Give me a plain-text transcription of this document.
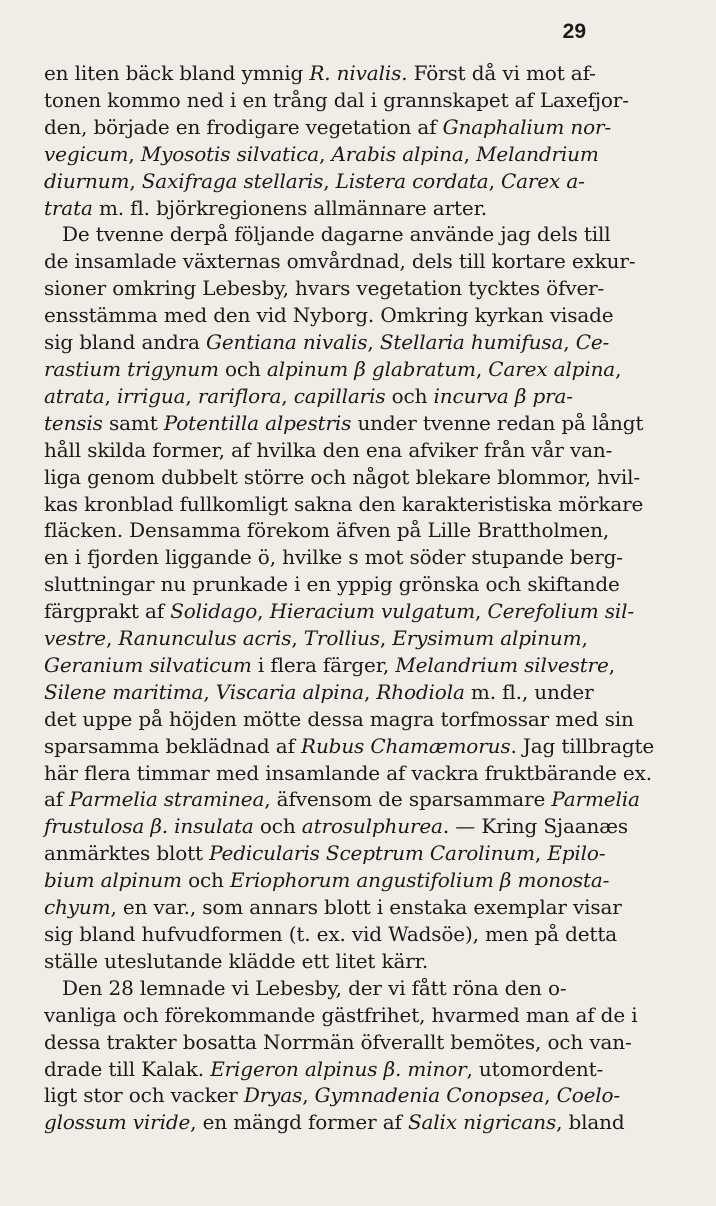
29
en liten bäck bland ymnig R. nivalis. Först då vi mot af-
tonen kommo ned i en trång dal i grannskapet af Laxefjor-
den, började en frodigare vegetation af Gnaphalium nor-
vegicum, Myosotis silvatica, Arabis alpina, Melandrium
diurnum, Saxifraga stellaris, Listera cordata, Carex a-
trata m. fl. björkregionens allmännare arter.
De tvenne derpå följande dagarne använde jag dels till
de insamlade växternas omvårdnad, dels till kortare exkur-
sioner omkring Lebesby, hvars vegetation tycktes öfver-
ensstämma med den vid Nyborg. Omkring kyrkan visade
sig bland andra Gentiana nivalis, Stellaria humifusa, Ce-
rastium trigynum och alpinum β glabratum, Carex alpina,
atrata, irrigua, rariflora, capillaris och incurva β pra-
tensis samt Potentilla alpestris under tvenne redan på långt
håll skilda former, af hvilka den ena afviker från vår van-
liga genom dubbelt större och något blekare blommor, hvil-
kas kronblad fullkomligt sakna den karakteristiska mörkare
fläcken. Densamma förekom äfven på Lille Brattholmen,
en i fjorden liggande ö, hvilke s mot söder stupande berg-
sluttningar nu prunkade i en yppig grönska och skiftande
färgprakt af Solidago, Hieracium vulgatum, Cerefolium sil-
vestre, Ranunculus acris, Trollius, Erysimum alpinum,
Geranium silvaticum i flera färger, Melandrium silvestre,
Silene maritima, Viscaria alpina, Rhodiola m. fl., under
det uppe på höjden mötte dessa magra torfmossar med sin
sparsamma beklädnad af Rubus Chamæmorus. Jag tillbragte
här flera timmar med insamlande af vackra fruktbärande ex.
af Parmelia straminea, äfvensom de sparsammare Parmelia
frustulosa β. insulata och atrosulphurea. — Kring Sjaanæs
anmärktes blott Pedicularis Sceptrum Carolinum, Epilo-
bium alpinum och Eriophorum angustifolium β monosta-
chyum, en var., som annars blott i enstaka exemplar visar
sig bland hufvudformen (t. ex. vid Wadsöe), men på detta
ställe uteslutande klädde ett litet kärr.
Den 28 lemnade vi Lebesby, der vi fått röna den o-
vanliga och förekommande gästfrihet, hvarmed man af de i
dessa trakter bosatta Norrmän öfverallt bemötes, och van-
drade till Kalak. Erigeron alpinus β. minor, utomordent-
ligt stor och vacker Dryas, Gymnadenia Conopsea, Coelo-
glossum viride, en mängd former af Salix nigricans, bland
